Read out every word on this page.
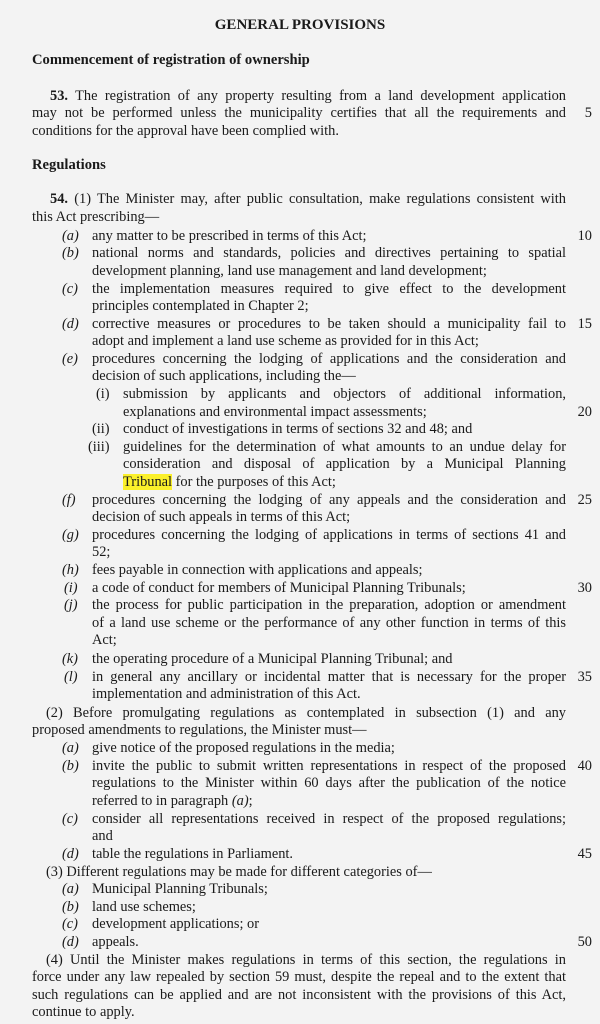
GENERAL PROVISIONS
Commencement of registration of ownership
53. The registration of any property resulting from a land development application
may not be performed unless the municipality certifies that all the requirements and
conditions for the approval have been complied with.
5
Regulations
54. (1) The Minister may, after public consultation, make regulations consistent with
this Act prescribing—
(a) any matter to be prescribed in terms of this Act;	10
(b) national norms and standards, policies and directives pertaining to spatial
development planning, land use management and land development;
(c) the implementation measures required to give effect to the development
principles contemplated in Chapter 2;
(d) corrective measures or procedures to be taken should a municipality fail to
adopt and implement a land use scheme as provided for in this Act;
15
(e) procedures concerning the lodging of applications and the consideration and
decision of such applications, including the—
(i) submission by applicants and objectors of additional information,
explanations and environmental impact assessments;	20
(ii) conduct of investigations in terms of sections 32 and 48; and
(iii) guidelines for the determination of what amounts to an undue delay for
consideration and disposal of application by a Municipal Planning
Tribunal for the purposes of this Act;
(f) procedures concerning the lodging of any appeals and the consideration and
decision of such appeals in terms of this Act;
25
(g) procedures concerning the lodging of applications in terms of sections 41 and
52;
(h) fees payable in connection with applications and appeals;
(i) a code of conduct for members of Municipal Planning Tribunals;	30
(j) the process for public participation in the preparation, adoption or amendment
of a land use scheme or the performance of any other function in terms of this
Act;
(k) the operating procedure of a Municipal Planning Tribunal; and
(l) in general any ancillary or incidental matter that is necessary for the proper
implementation and administration of this Act.
35
(2) Before promulgating regulations as contemplated in subsection (1) and any
proposed amendments to regulations, the Minister must—
(a) give notice of the proposed regulations in the media;
(b) invite the public to submit written representations in respect of the proposed
regulations to the Minister within 60 days after the publication of the notice
referred to in paragraph (a);
40
(c) consider all representations received in respect of the proposed regulations;
and
(d) table the regulations in Parliament.	45
(3) Different regulations may be made for different categories of—
(a) Municipal Planning Tribunals;
(b) land use schemes;
(c) development applications; or
(d) appeals.	50
(4) Until the Minister makes regulations in terms of this section, the regulations in
force under any law repealed by section 59 must, despite the repeal and to the extent that
such regulations can be applied and are not inconsistent with the provisions of this Act,
continue to apply.
